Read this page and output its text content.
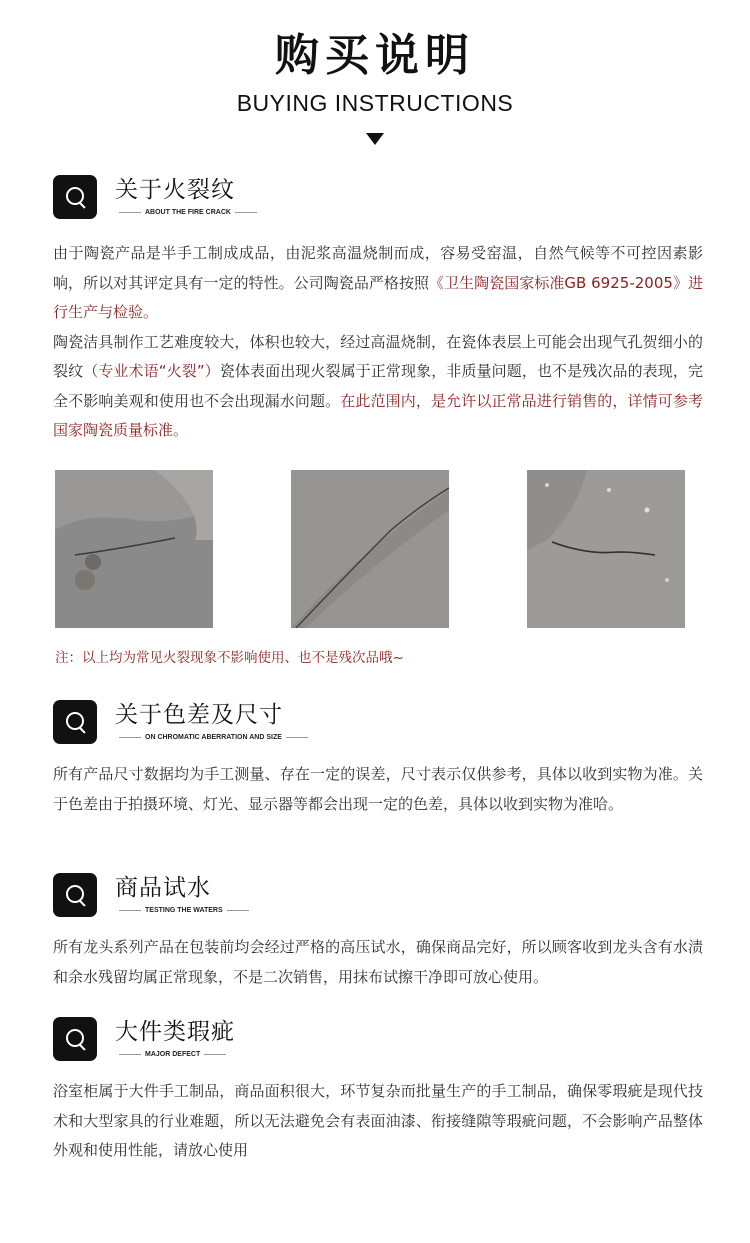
购买说明
BUYING INSTRUCTIONS
关于火裂纹
ABOUT THE FIRE CRACK

由于陶瓷产品是半手工制成成品，由泥浆高温烧制而成，容易受窑温，自然气候等不可控因素影响，所以对其评定具有一定的特性。公司陶瓷品严格按照《卫生陶瓷国家标准GB 6925-2005》进行生产与检验。

陶瓷洁具制作工艺难度较大，体积也较大，经过高温烧制，在瓷体表层上可能会出现气孔贺细小的裂纹（专业术语“火裂”）瓷体表面出现火裂属于正常现象，非质量问题，也不是残次品的表现，完全不影响美观和使用也不会出现漏水问题。在此范围内，是允许以正常品进行销售的，详情可参考国家陶瓷质量标准。

注：以上均为常见火裂现象不影响使用、也不是残次品哦~
关于色差及尺寸
ON CHROMATIC ABERRATION AND SIZE

所有产品尺寸数据均为手工测量、存在一定的误差，尺寸表示仅供参考，具体以收到实物为准。关于色差由于拍摄环境、灯光、显示器等都会出现一定的色差，具体以收到实物为准哈。

商品试水
TESTING THE WATERS

所有龙头系列产品在包装前均会经过严格的高压试水，确保商品完好，所以顾客收到龙头含有水渍和余水残留均属正常现象，不是二次销售，用抹布试擦干净即可放心使用。

大件类瑕疵
MAJOR DEFECT

浴室柜属于大件手工制品，商品面积很大，环节复杂而批量生产的手工制品，确保零瑕疵是现代技术和大型家具的行业难题，所以无法避免会有表面油漆、衔接缝隙等瑕疵问题，不会影响产品整体外观和使用性能，请放心使用
